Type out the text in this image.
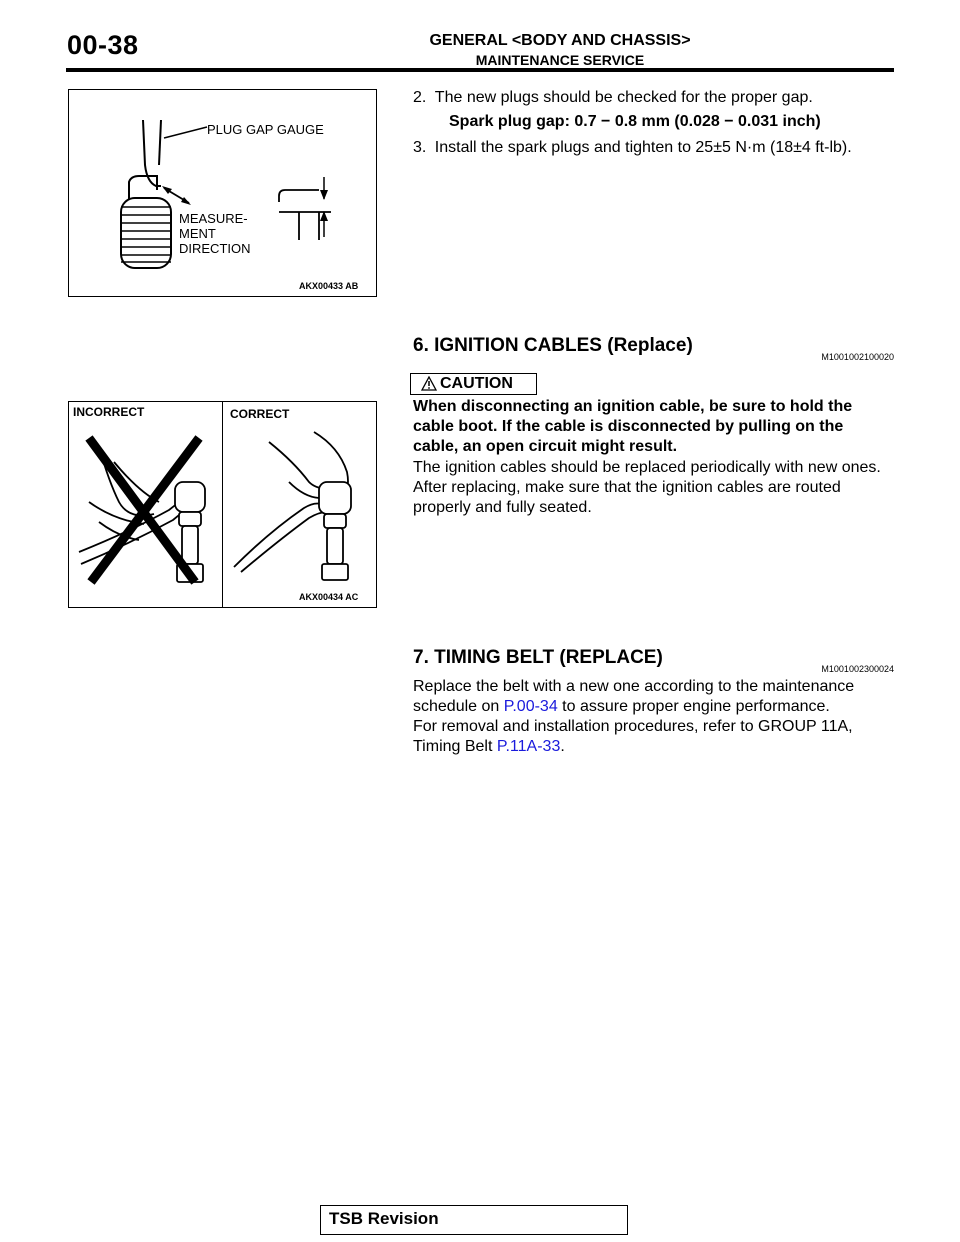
00-38	GENERAL <BODY AND CHASSIS>
MAINTENANCE SERVICE
PLUG GAP GAUGE
MEASURE-
MENT
DIRECTION
AKX00433 AB
INCORRECT	CORRECT
AKX00434 AC
2. The new plugs should be checked for the proper gap.
Spark plug gap: 0.7 − 0.8 mm (0.028 − 0.031 inch)
3. Install the spark plugs and tighten to 25±5 N·m (18±4 ft-lb).
6. IGNITION CABLES (Replace)
M1001002100020
CAUTION
When disconnecting an ignition cable, be sure to hold the cable boot. If the cable is disconnected by pulling on the cable, an open circuit might result.
The ignition cables should be replaced periodically with new ones. After replacing, make sure that the ignition cables are routed properly and fully seated.
7. TIMING BELT (REPLACE)
M1001002300024
Replace the belt with a new one according to the maintenance schedule on P.00-34 to assure proper engine performance.
For removal and installation procedures, refer to GROUP 11A, Timing Belt P.11A-33.
TSB Revision
